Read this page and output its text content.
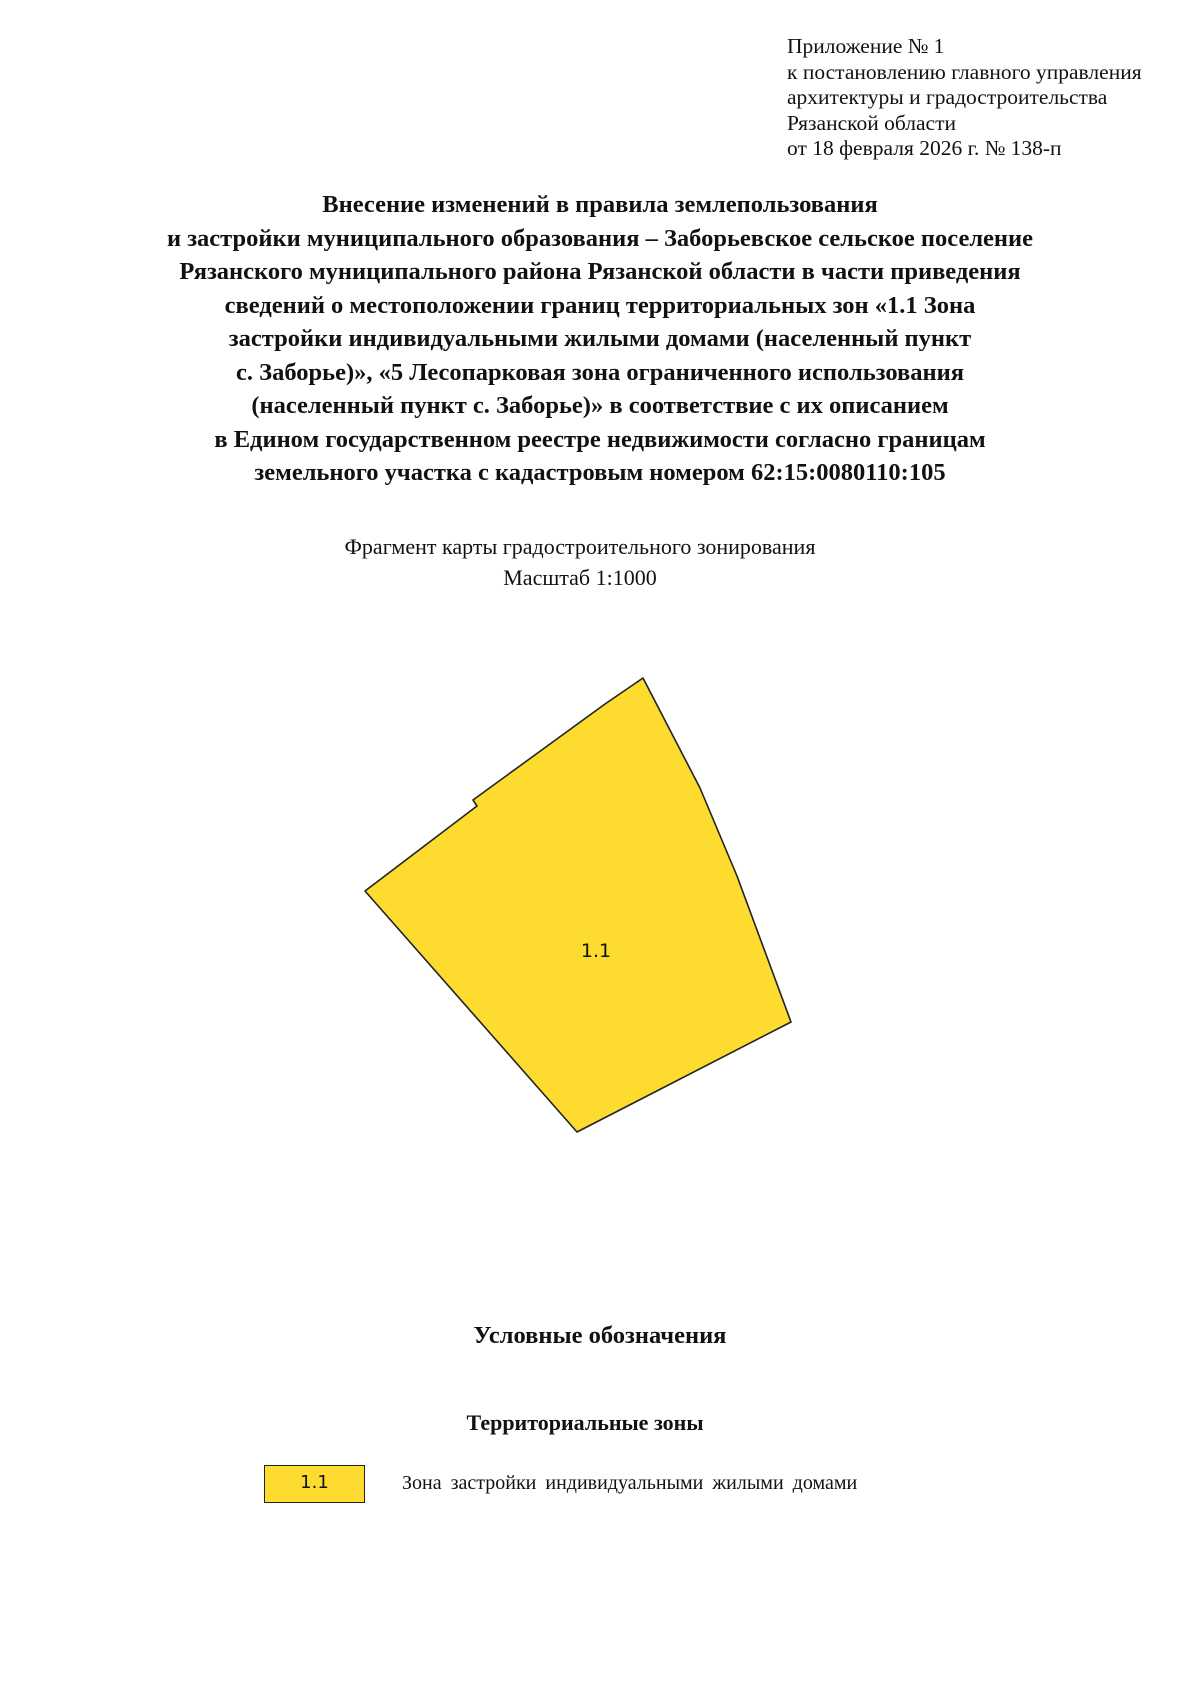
Приложение № 1
к постановлению главного управления
архитектуры и градостроительства
Рязанской области
от 18 февраля 2026 г. № 138-п
Внесение изменений в правила землепользования
и застройки муниципального образования – Заборьевское сельское поселение
Рязанского муниципального района Рязанской области в части приведения
сведений о местоположении границ территориальных зон «1.1 Зона
застройки индивидуальными жилыми домами (населенный пункт
с. Заборье)», «5 Лесопарковая зона ограниченного использования
(населенный пункт с. Заборье)» в соответствие с их описанием
в Едином государственном реестре недвижимости согласно границам
земельного участка с кадастровым номером 62:15:0080110:105
Фрагмент карты градостроительного зонирования
Масштаб 1:1000
1.1
Условные обозначения
Территориальные зоны
1.1	Зона застройки индивидуальными жилыми домами
